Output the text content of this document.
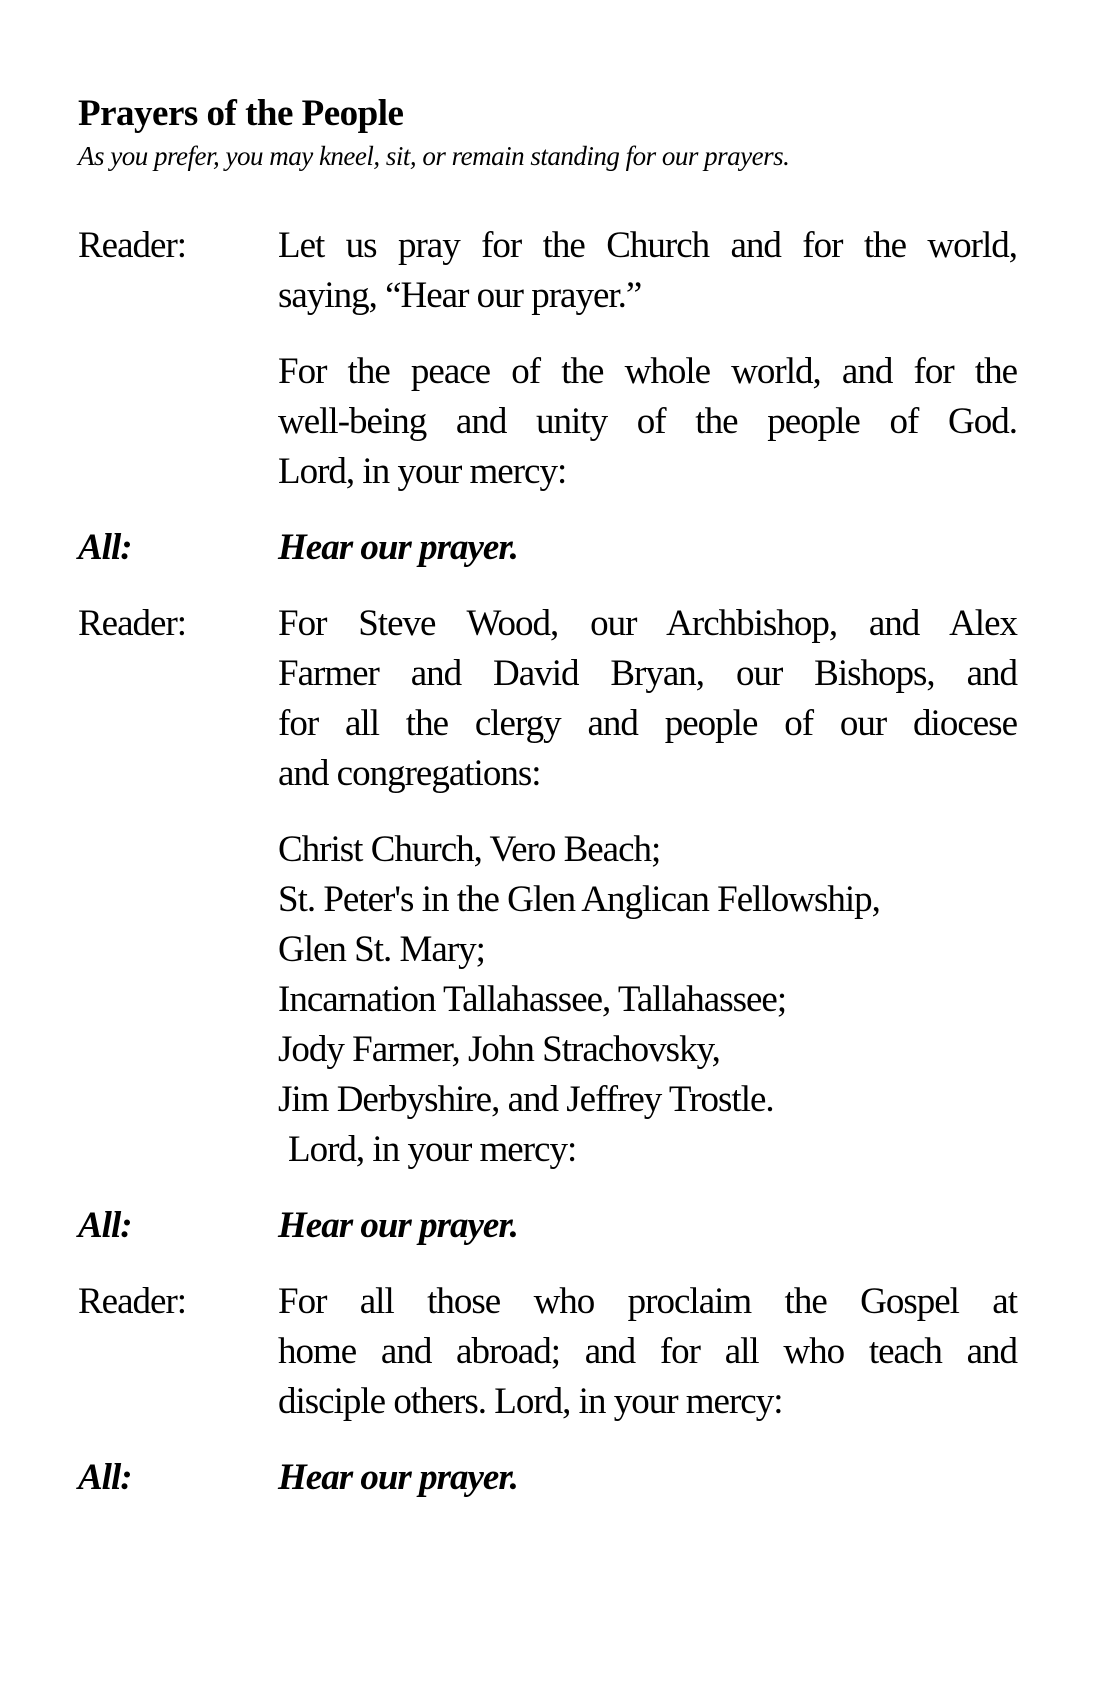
Prayers of the People
As you prefer, you may kneel, sit, or remain standing for our prayers.
Reader:	Let us pray for the Church and for the world,
saying, “Hear our prayer.”
For the peace of the whole world, and for the
well-being and unity of the people of God.
Lord, in your mercy:
All:	Hear our prayer.
Reader:	For Steve Wood, our Archbishop, and Alex
Farmer and David Bryan, our Bishops, and
for all the clergy and people of our diocese
and congregations:
Christ Church, Vero Beach;
St. Peter's in the Glen Anglican Fellowship,
Glen St. Mary;
Incarnation Tallahassee, Tallahassee;
Jody Farmer, John Strachovsky,
Jim Derbyshire, and Jeffrey Trostle.
Lord, in your mercy:
All:	Hear our prayer.
Reader:	For all those who proclaim the Gospel at
home and abroad; and for all who teach and
disciple others. Lord, in your mercy:
All:	Hear our prayer.
